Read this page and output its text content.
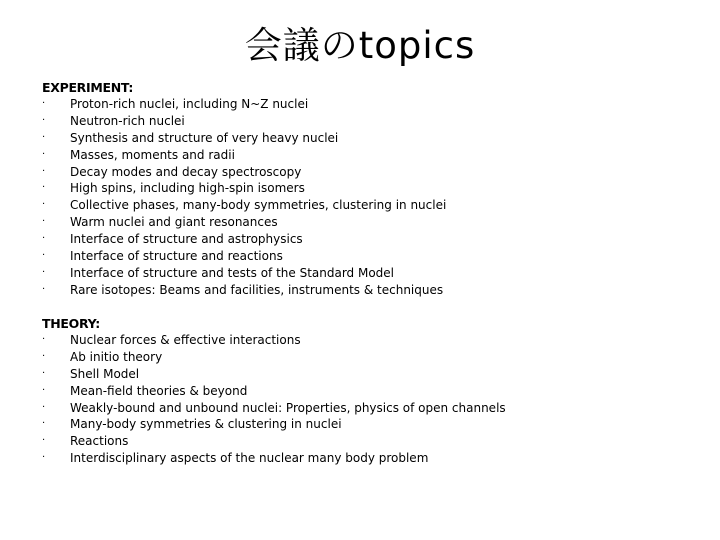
会議のtopics
EXPERIMENT:
· Proton-rich nuclei, including N~Z nuclei
· Neutron-rich nuclei
· Synthesis and structure of very heavy nuclei
· Masses, moments and radii
· Decay modes and decay spectroscopy
· High spins, including high-spin isomers
· Collective phases, many-body symmetries, clustering in nuclei
· Warm nuclei and giant resonances
· Interface of structure and astrophysics
· Interface of structure and reactions
· Interface of structure and tests of the Standard Model
· Rare isotopes: Beams and facilities, instruments & techniques
THEORY:
· Nuclear forces & effective interactions
· Ab initio theory
· Shell Model
· Mean-field theories & beyond
· Weakly-bound and unbound nuclei: Properties, physics of open channels
· Many-body symmetries & clustering in nuclei
· Reactions
· Interdisciplinary aspects of the nuclear many body problem
